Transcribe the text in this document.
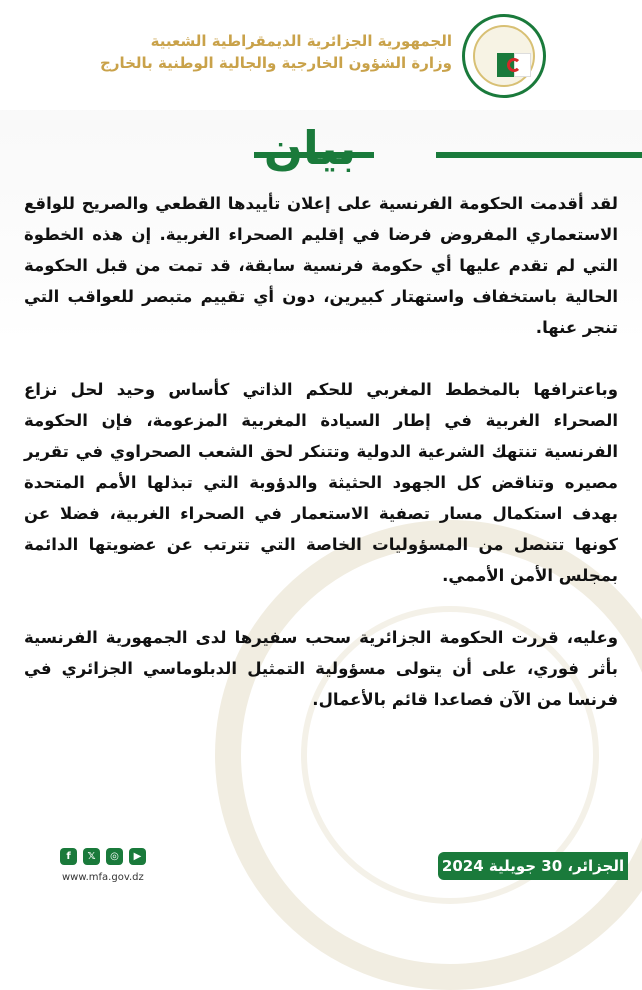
الجمهورية الجزائرية الديمقراطية الشعبية
وزارة الشؤون الخارجية والجالية الوطنية بالخارج
بيان

لقد أقدمت الحكومة الفرنسية على إعلان تأييدها القطعي والصريح للواقع الاستعماري المفروض فرضا في إقليم الصحراء الغربية. إن هذه الخطوة التي لم تقدم عليها أي حكومة فرنسية سابقة، قد تمت من قبل الحكومة الحالية باستخفاف واستهتار كبيرين، دون أي تقييم متبصر للعواقب التي تنجر عنها.

وباعترافها بالمخطط المغربي للحكم الذاتي كأساس وحيد لحل نزاع الصحراء الغربية في إطار السيادة المغربية المزعومة، فإن الحكومة الفرنسية تنتهك الشرعية الدولية وتتنكر لحق الشعب الصحراوي في تقرير مصيره وتناقض كل الجهود الحثيثة والدؤوبة التي تبذلها الأمم المتحدة بهدف استكمال مسار تصفية الاستعمار في الصحراء الغربية، فضلا عن كونها تتنصل من المسؤوليات الخاصة التي تترتب عن عضويتها الدائمة بمجلس الأمن الأممي.

وعليه، قررت الحكومة الجزائرية سحب سفيرها لدى الجمهورية الفرنسية بأثر فوري، على أن يتولى مسؤولية التمثيل الدبلوماسي الجزائري في فرنسا من الآن فصاعدا قائم بالأعمال.

f	𝕏	◎	▶
www.mfa.gov.dz
الجزائر، 30 جويلية 2024
